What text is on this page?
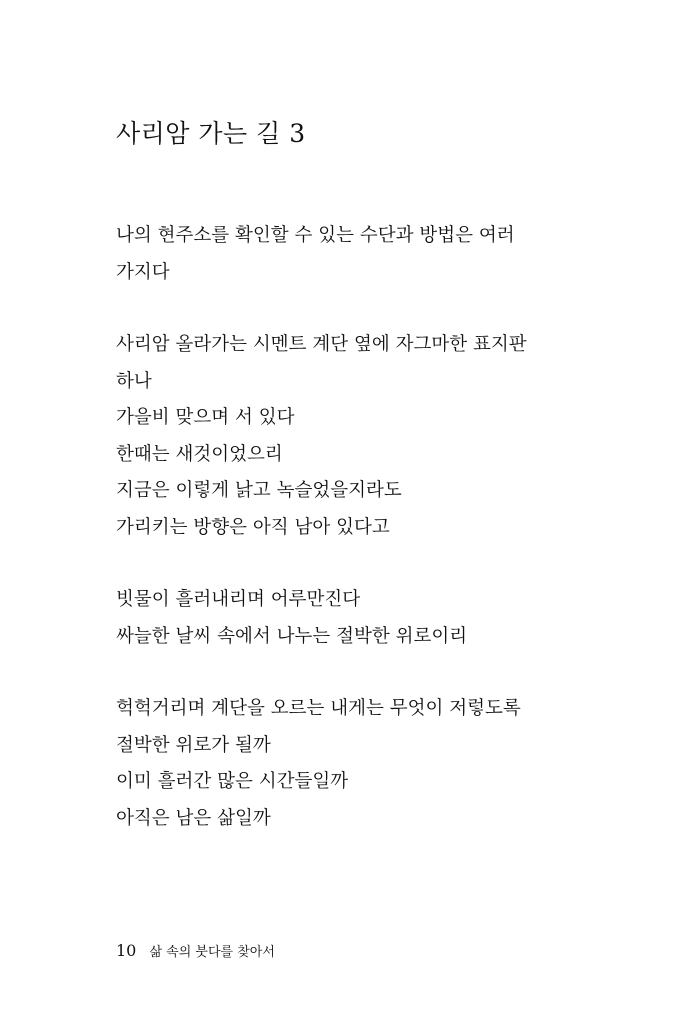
사리암 가는 길 3
나의 현주소를 확인할 수 있는 수단과 방법은 여러
가지다
사리암 올라가는 시멘트 계단 옆에 자그마한 표지판
하나
가을비 맞으며 서 있다
한때는 새것이었으리
지금은 이렇게 낡고 녹슬었을지라도
가리키는 방향은 아직 남아 있다고
빗물이 흘러내리며 어루만진다
싸늘한 날씨 속에서 나누는 절박한 위로이리
헉헉거리며 계단을 오르는 내게는 무엇이 저렇도록
절박한 위로가 될까
이미 흘러간 많은 시간들일까
아직은 남은 삶일까
10 삶 속의 붓다를 찾아서
